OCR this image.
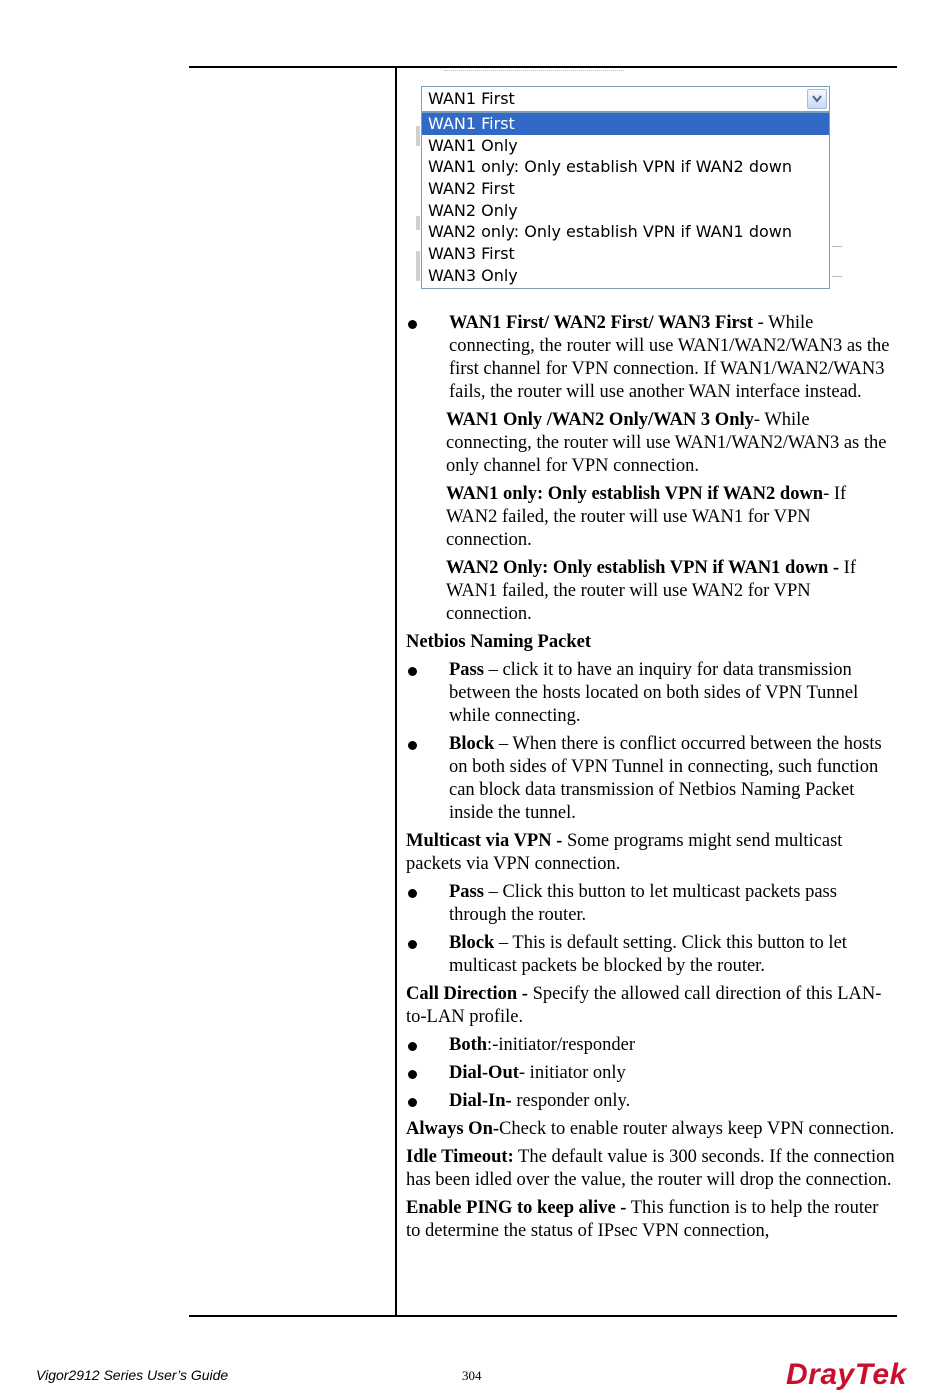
WAN1 First
WAN1 First
WAN1 Only
WAN1 only: Only establish VPN if WAN2 down
WAN2 First
WAN2 Only
WAN2 only: Only establish VPN if WAN1 down
WAN3 First
WAN3 Only
WAN1 First/ WAN2 First/ WAN3 First - While connecting, the router will use WAN1/WAN2/WAN3 as the first channel for VPN connection. If WAN1/WAN2/WAN3 fails, the router will use another WAN interface instead.
WAN1 Only /WAN2 Only/WAN 3 Only- While connecting, the router will use WAN1/WAN2/WAN3 as the only channel for VPN connection.
WAN1 only: Only establish VPN if WAN2 down- If WAN2 failed, the router will use WAN1 for VPN connection.
WAN2 Only: Only establish VPN if WAN1 down - If WAN1 failed, the router will use WAN2 for VPN connection.
Netbios Naming Packet
Pass – click it to have an inquiry for data transmission between the hosts located on both sides of VPN Tunnel while connecting.
Block – When there is conflict occurred between the hosts on both sides of VPN Tunnel in connecting, such function can block data transmission of Netbios Naming Packet inside the tunnel.
Multicast via VPN - Some programs might send multicast packets via VPN connection.
Pass – Click this button to let multicast packets pass through the router.
Block – This is default setting. Click this button to let multicast packets be blocked by the router.
Call Direction - Specify the allowed call direction of this LAN-to-LAN profile.
Both:-initiator/responder
Dial-Out- initiator only
Dial-In- responder only.
Always On-Check to enable router always keep VPN connection.
Idle Timeout: The default value is 300 seconds. If the connection has been idled over the value, the router will drop the connection.
Enable PING to keep alive - This function is to help the router to determine the status of IPsec VPN connection,
Vigor2912 Series User’s Guide	304	DrayTek
